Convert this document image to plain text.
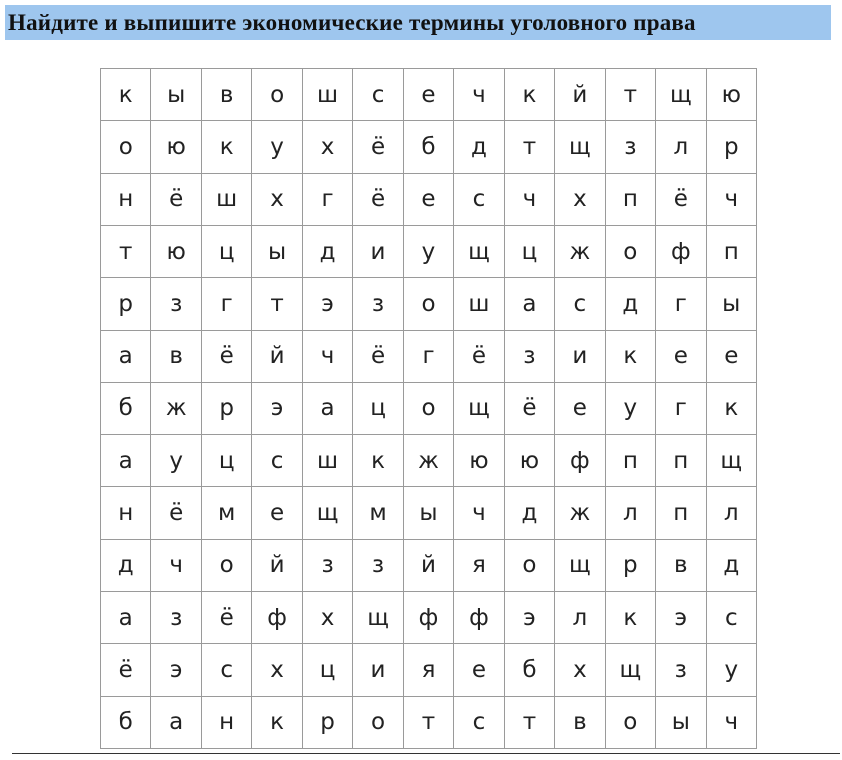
Найдите и выпишите экономические термины уголовного права
к	ы	в	о	ш	с	е	ч	к	й	т	щ	ю
о	ю	к	у	х	ё	б	д	т	щ	з	л	р
н	ё	ш	х	г	ё	е	с	ч	х	п	ё	ч
т	ю	ц	ы	д	и	у	щ	ц	ж	о	ф	п
р	з	г	т	э	з	о	ш	а	с	д	г	ы
а	в	ё	й	ч	ё	г	ё	з	и	к	е	е
б	ж	р	э	а	ц	о	щ	ё	е	у	г	к
а	у	ц	с	ш	к	ж	ю	ю	ф	п	п	щ
н	ё	м	е	щ	м	ы	ч	д	ж	л	п	л
д	ч	о	й	з	з	й	я	о	щ	р	в	д
а	з	ё	ф	х	щ	ф	ф	э	л	к	э	с
ё	э	с	х	ц	и	я	е	б	х	щ	з	у
б	а	н	к	р	о	т	с	т	в	о	ы	ч
